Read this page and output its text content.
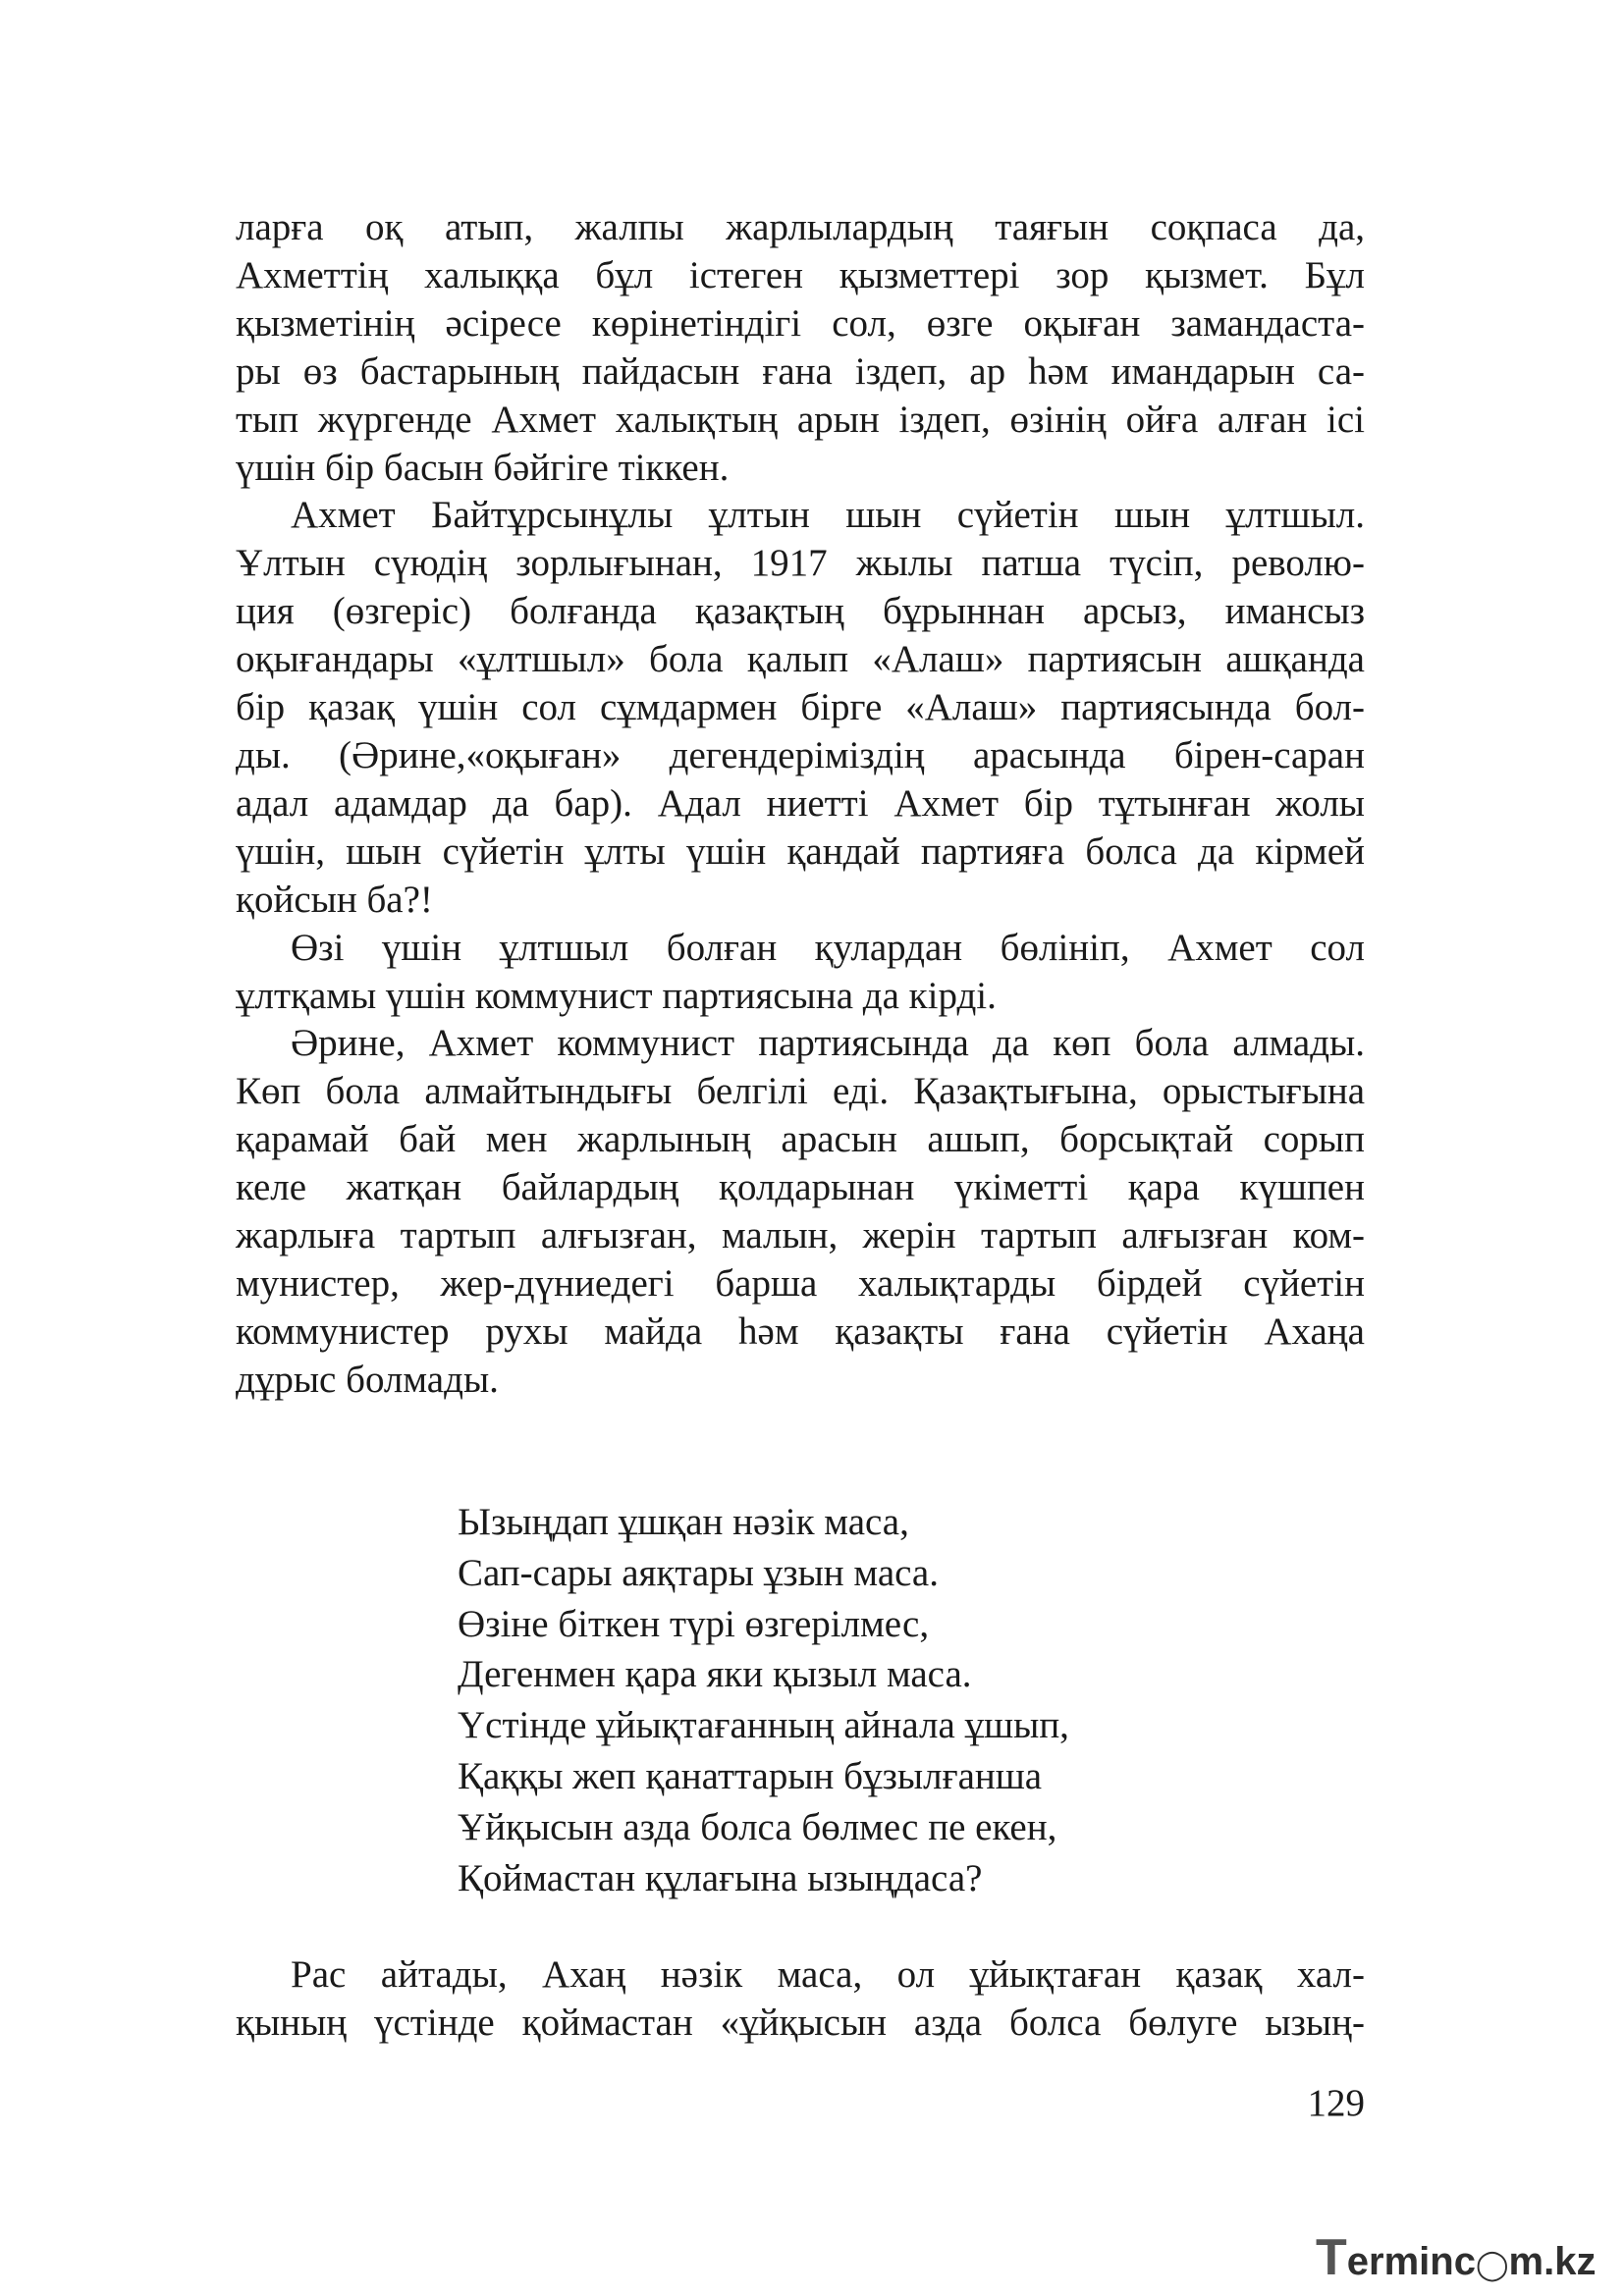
ларға оқ атып, жалпы жарлылардың таяғын соқпаса да,
Ахметтің халыққа бұл істеген қызметтері зор қызмет. Бұл
қызметінің әсіресе көрінетіндігі сол, өзге оқыған замандаста-
ры өз бастарының пайдасын ғана іздеп, ар һәм имандарын са-
тып жүргенде Ахмет халықтың арын іздеп, өзінің ойға алған ісі
үшін бір басын бәйгіге тіккен.

Ахмет Байтұрсынұлы ұлтын шын сүйетін шын ұлтшыл.
Ұлтын сүюдің зорлығынан, 1917 жылы патша түсіп, револю-
ция (өзгеріс) болғанда қазақтың бұрыннан арсыз, имансыз
оқығандары «ұлтшыл» бола қалып «Алаш» партиясын ашқанда
бір қазақ үшін сол сұмдармен бірге «Алаш» партиясында бол-
ды. (Әрине,«оқыған» дегендеріміздің арасында бірен-саран
адал адамдар да бар). Адал ниетті Ахмет бір тұтынған жолы
үшін, шын сүйетін ұлты үшін қандай партияға болса да кірмей
қойсын ба?!

Өзі үшін ұлтшыл болған қулардан бөлініп, Ахмет сол
ұлтқамы үшін коммунист партиясына да кірді.

Әрине, Ахмет коммунист партиясында да көп бола алмады.
Көп бола алмайтындығы белгілі еді. Қазақтығына, орыстығына
қарамай бай мен жарлының арасын ашып, борсықтай сорып
келе жатқан байлардың қолдарынан үкіметті қара күшпен
жарлыға тартып алғызған, малын, жерін тартып алғызған ком-
мунистер, жер-дүниедегі барша халықтарды бірдей сүйетін
коммунистер рухы майда һәм қазақты ғана сүйетін Ахаңа
дұрыс болмады.

Ызыңдап ұшқан нәзік маса,
Сап-сары аяқтары ұзын маса.
Өзіне біткен түрі өзгерілмес,
Дегенмен қара яки қызыл маса.
Үстінде ұйықтағанның айнала ұшып,
Қаққы жеп қанаттарын бұзылғанша
Ұйқысын азда болса бөлмес пе екен,
Қоймастан құлағына ызыңдаса?
Рас айтады, Ахаң нәзік маса, ол ұйықтаған қазақ хал-
қының үстінде қоймастан «ұйқысын азда болса бөлуге ызың-
129
Terminc◯m.kz
